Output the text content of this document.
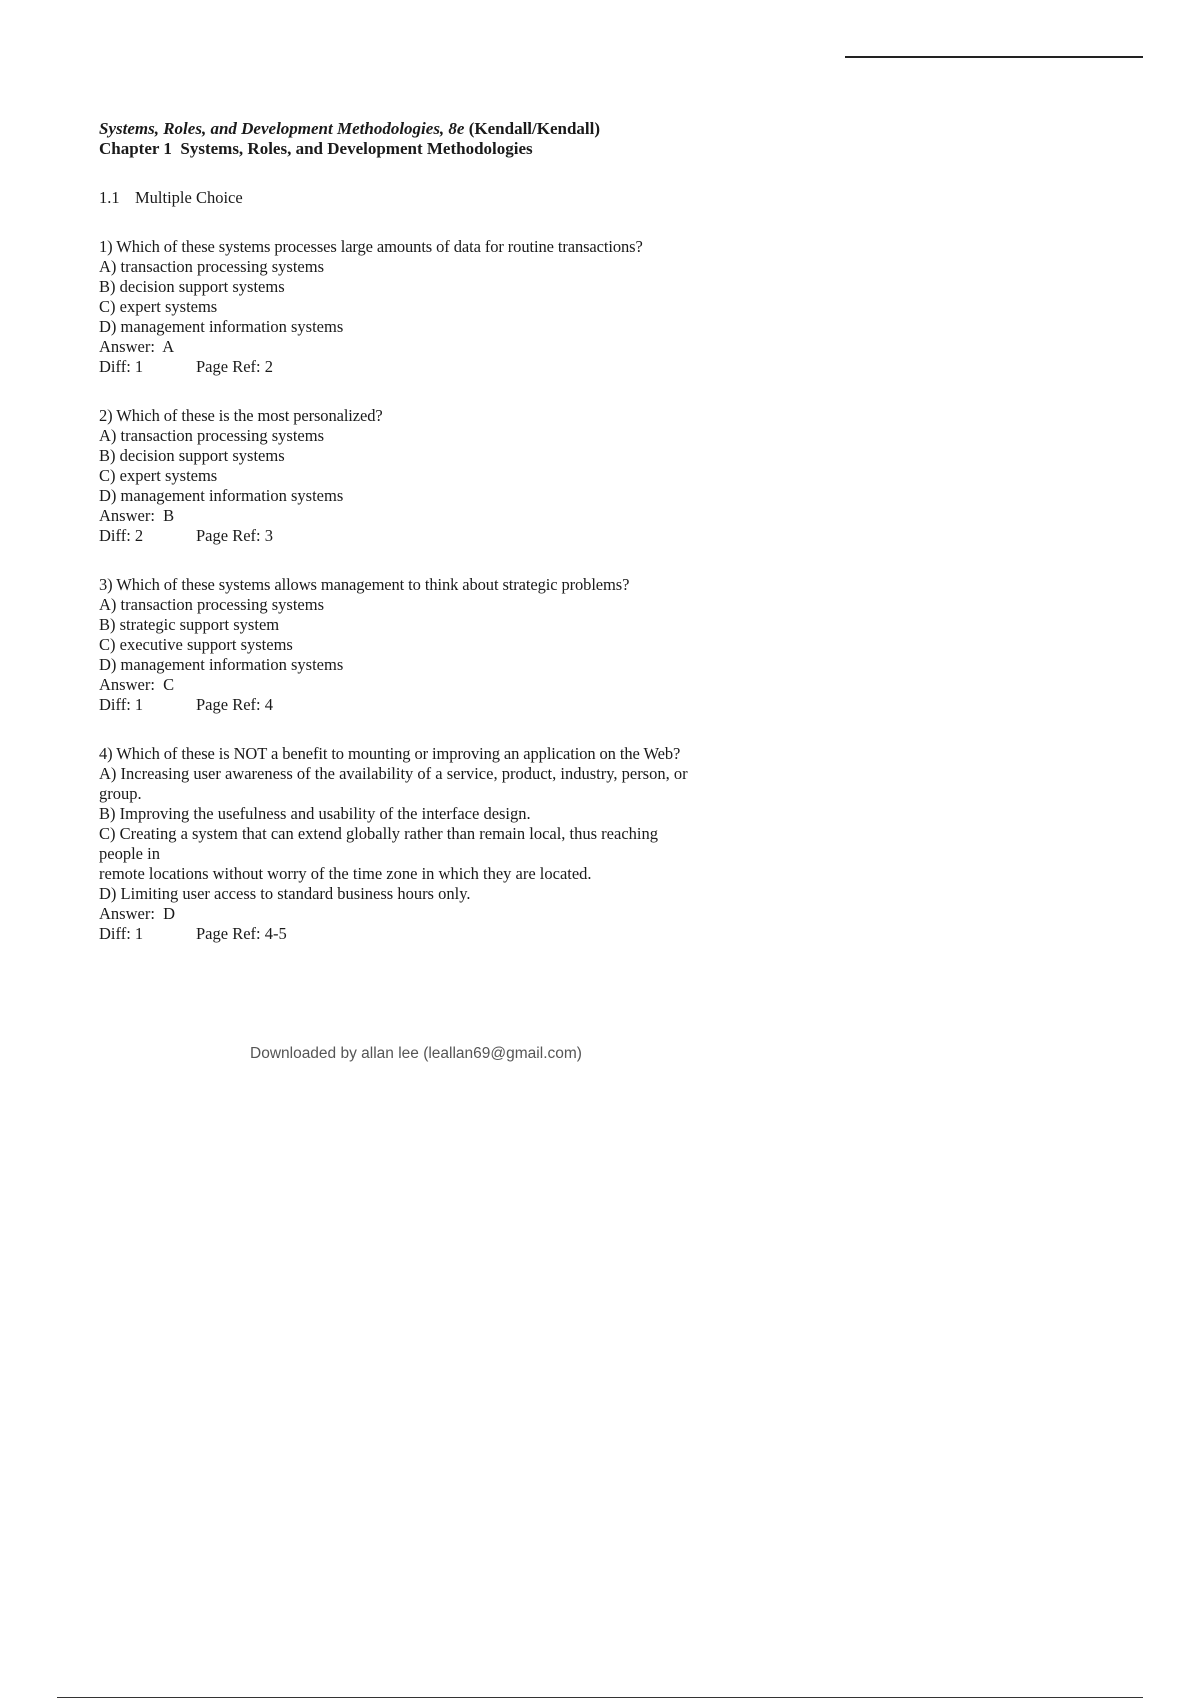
Systems, Roles, and Development Methodologies, 8e (Kendall/Kendall)

Chapter 1  Systems, Roles, and Development Methodologies

1.1 Multiple Choice

1) Which of these systems processes large amounts of data for routine transactions?

A) transaction processing systems

B) decision support systems

C) expert systems

D) management information systems

Answer:  A

Diff: 1	Page Ref: 2

2) Which of these is the most personalized?

A) transaction processing systems

B) decision support systems

C) expert systems

D) management information systems

Answer:  B

Diff: 2	Page Ref: 3

3) Which of these systems allows management to think about strategic problems?

A) transaction processing systems

B) strategic support system

C) executive support systems

D) management information systems

Answer:  C

Diff: 1	Page Ref: 4

4) Which of these is NOT a benefit to mounting or improving an application on the Web?

A) Increasing user awareness of the availability of a service, product, industry, person, or

group.

B) Improving the usefulness and usability of the interface design.

C) Creating a system that can extend globally rather than remain local, thus reaching

people in

remote locations without worry of the time zone in which they are located.

D) Limiting user access to standard business hours only.

Answer:  D

Diff: 1	Page Ref: 4-5

Downloaded by allan lee (leallan69@gmail.com)
